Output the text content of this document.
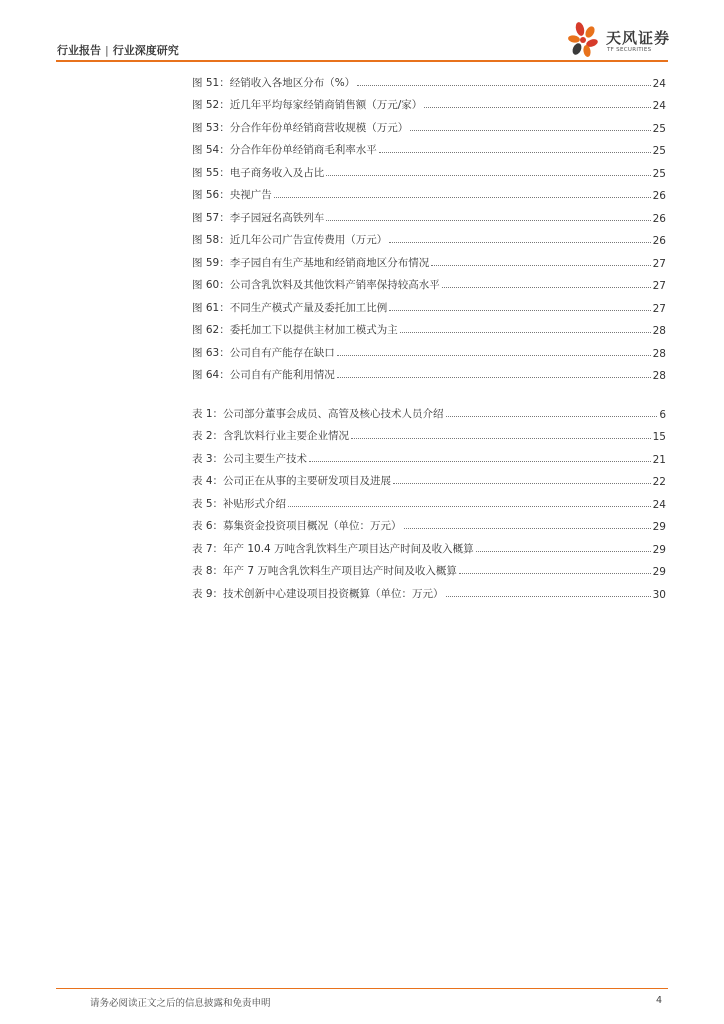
行业报告 | 行业深度研究
天风证券
TF SECURITIES
图 51：经销收入各地区分布（%）	24
图 52：近几年平均每家经销商销售额（万元/家）	24
图 53：分合作年份单经销商营收规模（万元）	25
图 54：分合作年份单经销商毛利率水平	25
图 55：电子商务收入及占比	25
图 56：央视广告	26
图 57：李子园冠名高铁列车	26
图 58：近几年公司广告宣传费用（万元）	26
图 59：李子园自有生产基地和经销商地区分布情况	27
图 60：公司含乳饮料及其他饮料产销率保持较高水平	27
图 61：不同生产模式产量及委托加工比例	27
图 62：委托加工下以提供主材加工模式为主	28
图 63：公司自有产能存在缺口	28
图 64：公司自有产能利用情况	28
表 1：公司部分董事会成员、高管及核心技术人员介绍	6
表 2：含乳饮料行业主要企业情况	15
表 3：公司主要生产技术	21
表 4：公司正在从事的主要研发项目及进展	22
表 5：补贴形式介绍	24
表 6：募集资金投资项目概况（单位：万元）	29
表 7：年产 10.4 万吨含乳饮料生产项目达产时间及收入概算	29
表 8：年产 7 万吨含乳饮料生产项目达产时间及收入概算	29
表 9：技术创新中心建设项目投资概算（单位：万元）	30
请务必阅读正文之后的信息披露和免责申明	4
